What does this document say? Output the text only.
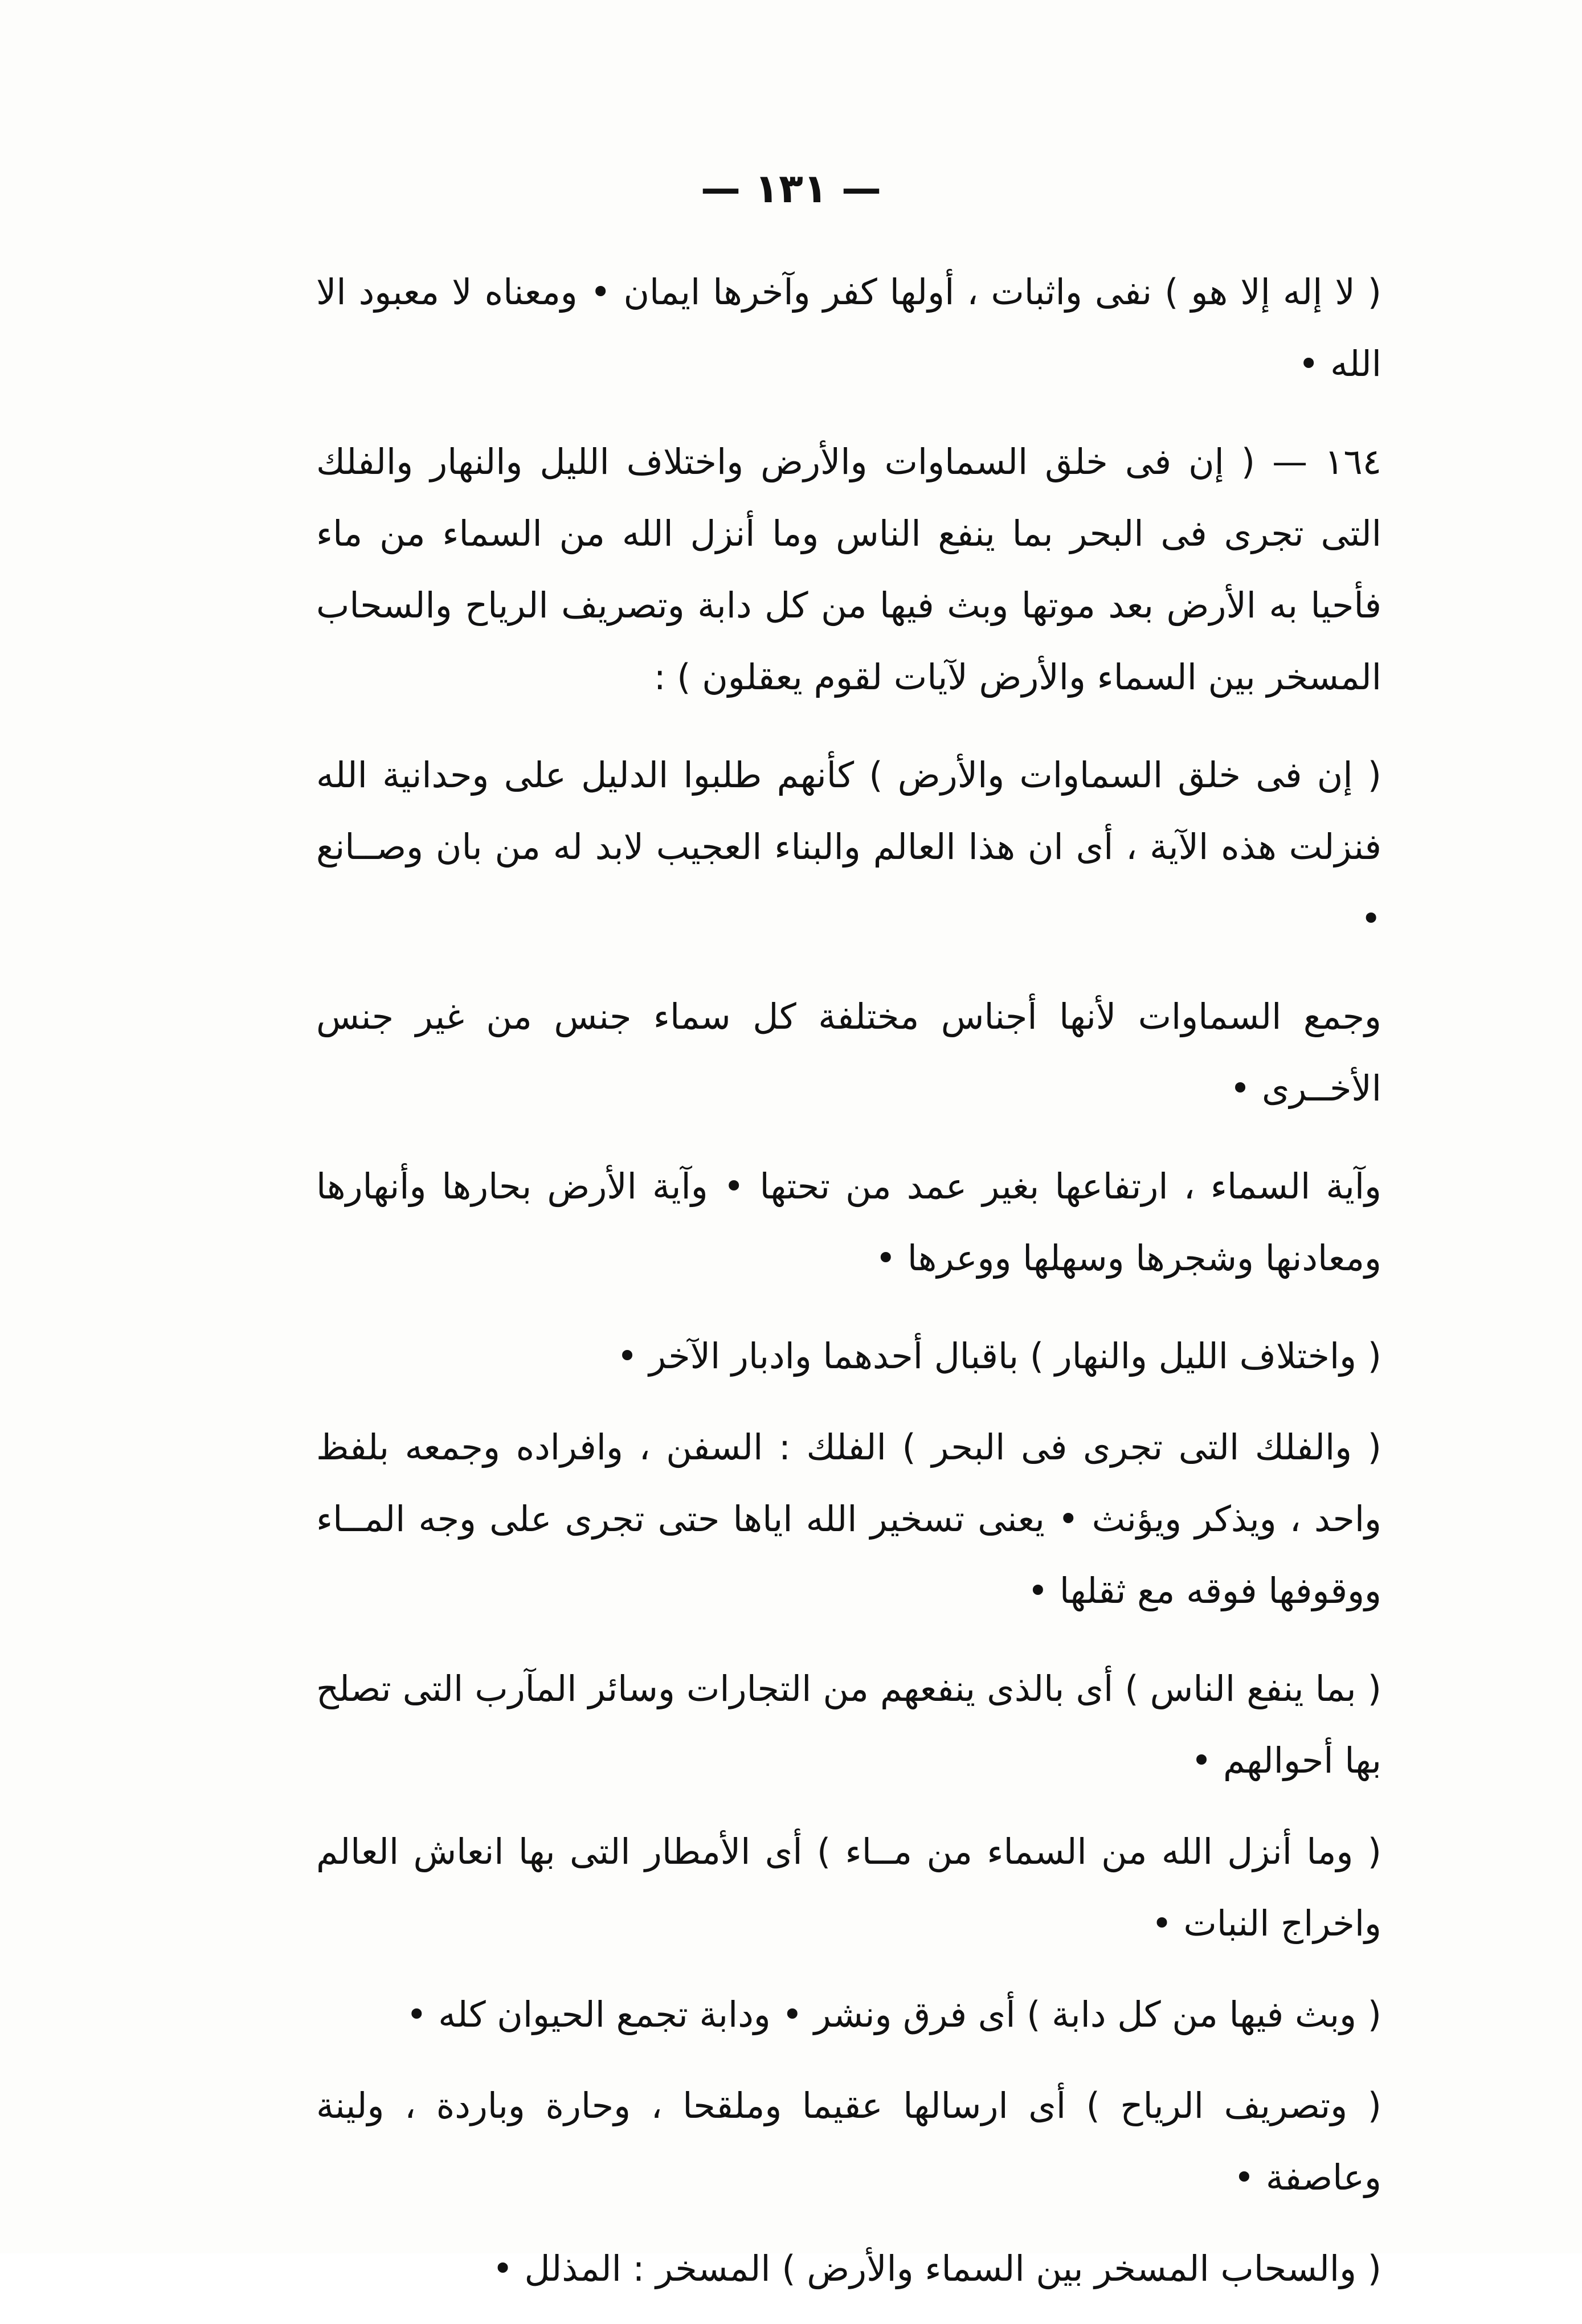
— ١٣١ —

( لا إله إلا هو ) نفى واثبات ، أولها كفر وآخرها ايمان • ومعناه لا معبود الا الله •

١٦٤ — ( إن فى خلق السماوات والأرض واختلاف الليل والنهار والفلك التى تجرى فى البحر بما ينفع الناس وما أنزل الله من السماء من ماء فأحيا به الأرض بعد موتها وبث فيها من كل دابة وتصريف الرياح والسحاب المسخر بين السماء والأرض لآيات لقوم يعقلون ) :

( إن فى خلق السماوات والأرض ) كأنهم طلبوا الدليل على وحدانية الله فنزلت هذه الآية ، أى ان هذا العالم والبناء العجيب لابد له من بان وصــانع •

وجمع السماوات لأنها أجناس مختلفة كل سماء جنس من غير جنس الأخــرى •

وآية السماء ، ارتفاعها بغير عمد من تحتها • وآية الأرض بحارها وأنهارها ومعادنها وشجرها وسهلها ووعرها •

( واختلاف الليل والنهار ) باقبال أحدهما وادبار الآخر •

( والفلك التى تجرى فى البحر ) الفلك : السفن ، وافراده وجمعه بلفظ واحد ، ويذكر ويؤنث • يعنى تسخير الله اياها حتى تجرى على وجه المــاء ووقوفها فوقه مع ثقلها •

( بما ينفع الناس ) أى بالذى ينفعهم من التجارات وسائر المآرب التى تصلح بها أحوالهم •

( وما أنزل الله من السماء من مــاء ) أى الأمطار التى بها انعاش العالم واخراج النبات •

( وبث فيها من كل دابة ) أى فرق ونشر • ودابة تجمع الحيوان كله •

( وتصريف الرياح ) أى ارسالها عقيما وملقحا ، وحارة وباردة ، ولينة وعاصفة •

( والسحاب المسخر بين السماء والأرض ) المسخر : المذلل •
